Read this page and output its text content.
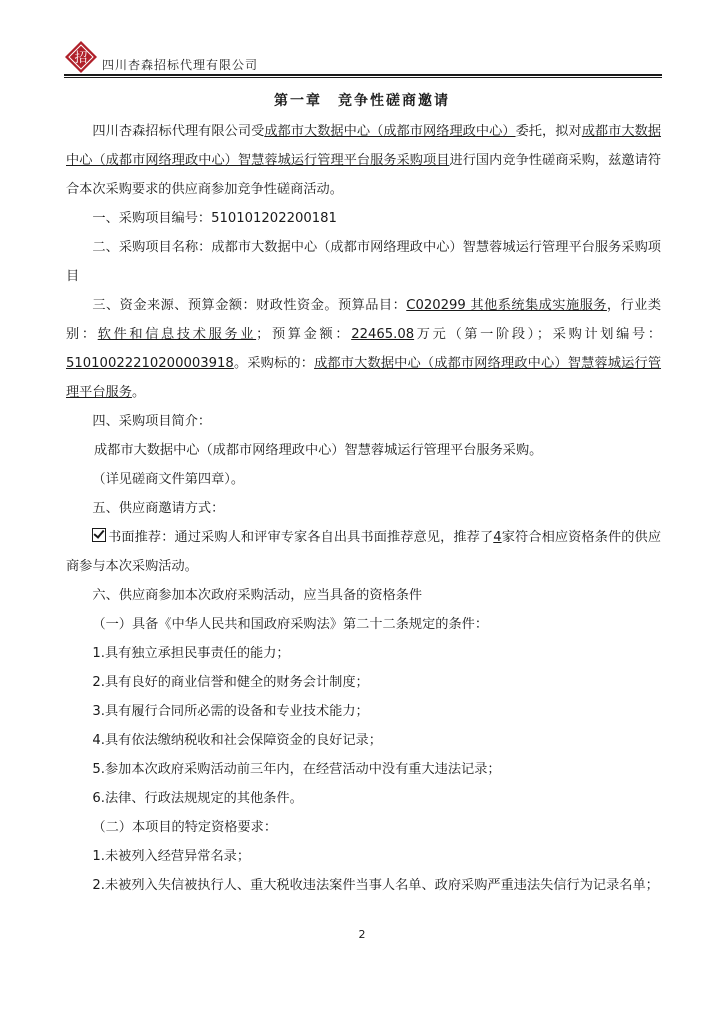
招 四川杏森招标代理有限公司
第一章　竞争性磋商邀请

四川杏森招标代理有限公司受成都市大数据中心（成都市网络理政中心）委托，拟对成都市大数据中心（成都市网络理政中心）智慧蓉城运行管理平台服务采购项目进行国内竞争性磋商采购，兹邀请符合本次采购要求的供应商参加竞争性磋商活动。

一、采购项目编号：510101202200181

二、采购项目名称：成都市大数据中心（成都市网络理政中心）智慧蓉城运行管理平台服务采购项目

三、资金来源、预算金额：财政性资金。预算品目：C020299 其他系统集成实施服务，行业类别：软件和信息技术服务业；预算金额：22465.08万元（第一阶段）；采购计划编号：51010022210200003918。采购标的：成都市大数据中心（成都市网络理政中心）智慧蓉城运行管理平台服务。

四、采购项目简介：

成都市大数据中心（成都市网络理政中心）智慧蓉城运行管理平台服务采购。

（详见磋商文件第四章）。

五、供应商邀请方式：

书面推荐：通过采购人和评审专家各自出具书面推荐意见，推荐了4家符合相应资格条件的供应商参与本次采购活动。

六、供应商参加本次政府采购活动，应当具备的资格条件

（一）具备《中华人民共和国政府采购法》第二十二条规定的条件：

1.具有独立承担民事责任的能力；

2.具有良好的商业信誉和健全的财务会计制度；

3.具有履行合同所必需的设备和专业技术能力；

4.具有依法缴纳税收和社会保障资金的良好记录；

5.参加本次政府采购活动前三年内，在经营活动中没有重大违法记录；

6.法律、行政法规规定的其他条件。

（二）本项目的特定资格要求：

1.未被列入经营异常名录；

2.未被列入失信被执行人、重大税收违法案件当事人名单、政府采购严重违法失信行为记录名单；

2
